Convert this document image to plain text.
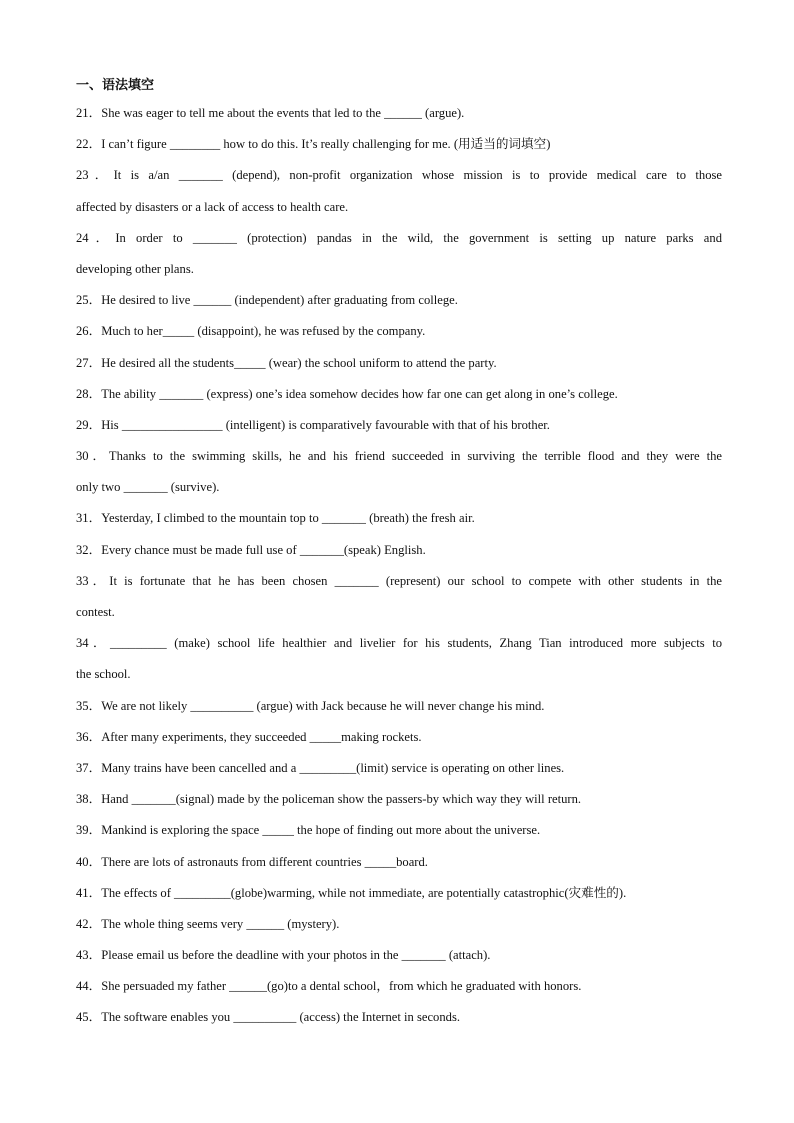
一、语法填空
21．She was eager to tell me about the events that led to the ______ (argue).
22．I can’t figure ________ how to do this. It’s really challenging for me. (用适当的词填空)
23．It is a/an _______ (depend), non-profit organization whose mission is to provide medical care to those
affected by disasters or a lack of access to health care.
24．In order to _______ (protection) pandas in the wild, the government is setting up nature parks and
developing other plans.
25．He desired to live ______ (independent) after graduating from college.
26．Much to her_____ (disappoint), he was refused by the company.
27．He desired all the students_____ (wear) the school uniform to attend the party.
28．The ability _______ (express) one’s idea somehow decides how far one can get along in one’s college.
29．His ________________ (intelligent) is comparatively favourable with that of his brother.
30．Thanks to the swimming skills, he and his friend succeeded in surviving the terrible flood and they were the
only two _______ (survive).
31．Yesterday, I climbed to the mountain top to _______ (breath) the fresh air.
32．Every chance must be made full use of _______(speak) English.
33．It is fortunate that he has been chosen _______ (represent) our school to compete with other students in the
contest.
34．_________ (make) school life healthier and livelier for his students, Zhang Tian introduced more subjects to
the school.
35．We are not likely __________ (argue) with Jack because he will never change his mind.
36．After many experiments, they succeeded _____making rockets.
37．Many trains have been cancelled and a _________(limit) service is operating on other lines.
38．Hand _______(signal) made by the policeman show the passers-by which way they will return.
39．Mankind is exploring the space _____ the hope of finding out more about the universe.
40．There are lots of astronauts from different countries _____board.
41．The effects of _________(globe)warming, while not immediate, are potentially catastrophic(灾难性的).
42．The whole thing seems very ______ (mystery).
43．Please email us before the deadline with your photos in the _______ (attach).
44．She persuaded my father ______(go)to a dental school，from which he graduated with honors.
45．The software enables you __________ (access) the Internet in seconds.
